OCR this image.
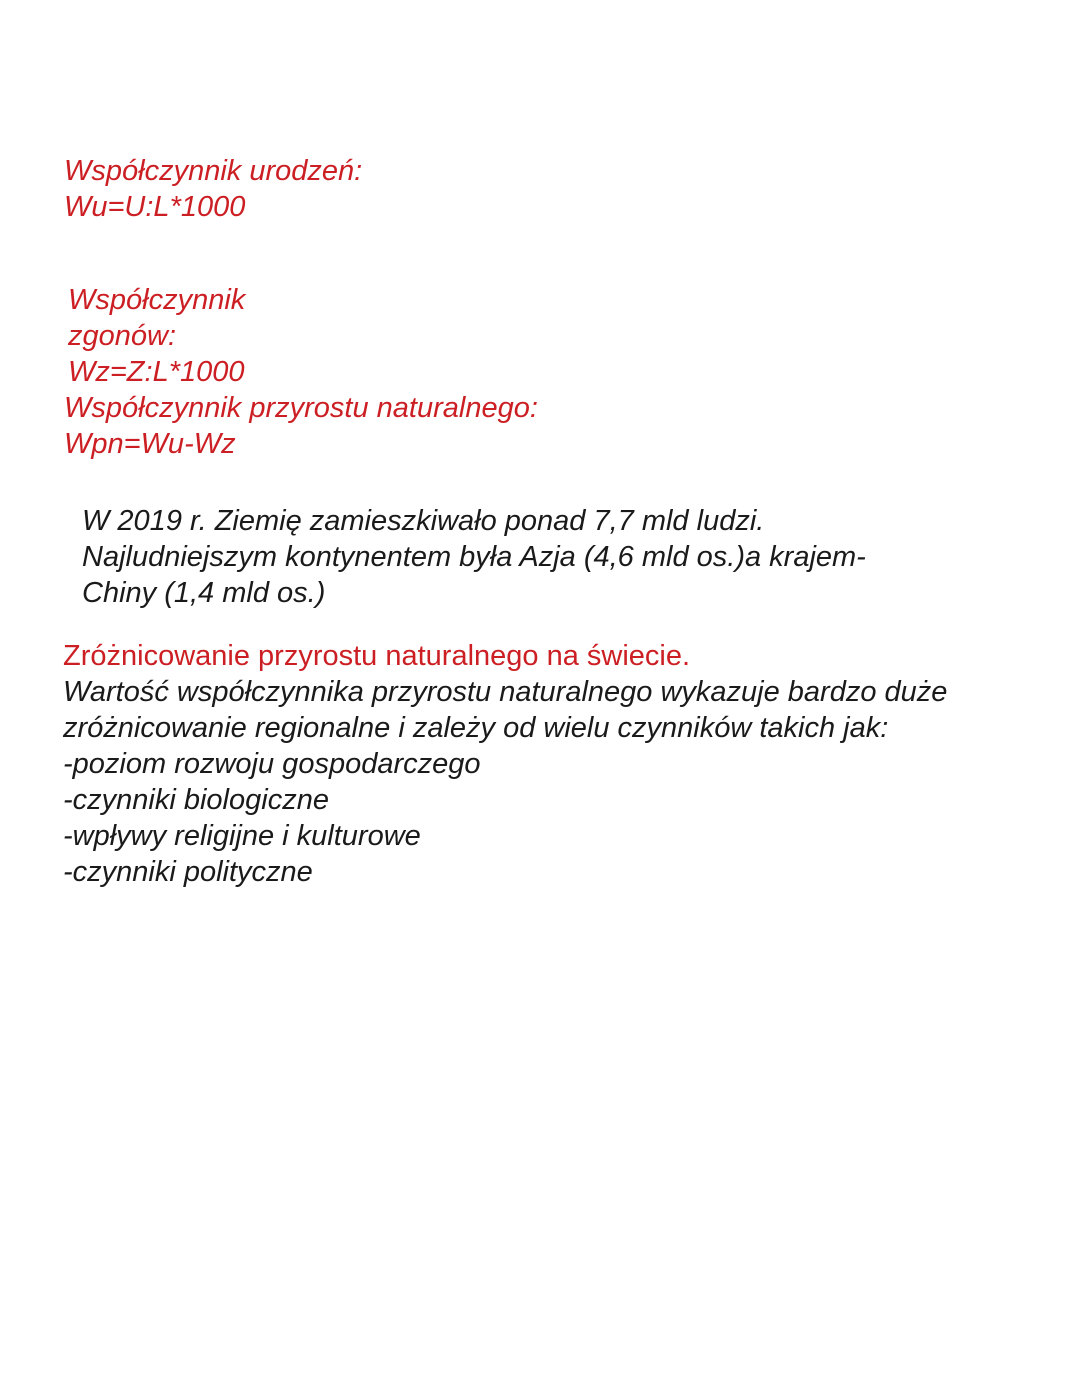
Współczynnik urodzeń:

Wu=U:L*1000

Współczynnik

zgonów:

Wz=Z:L*1000

Współczynnik przyrostu naturalnego:

Wpn=Wu-Wz

W 2019 r. Ziemię zamieszkiwało ponad 7,7 mld ludzi.

Najludniejszym kontynentem była Azja (4,6 mld os.)a krajem-

Chiny (1,4 mld os.)

Zróżnicowanie przyrostu naturalnego na świecie.

Wartość współczynnika przyrostu naturalnego wykazuje bardzo duże

zróżnicowanie regionalne i zależy od wielu czynników takich jak:

-poziom rozwoju gospodarczego

-czynniki biologiczne

-wpływy religijne i kulturowe

-czynniki polityczne
